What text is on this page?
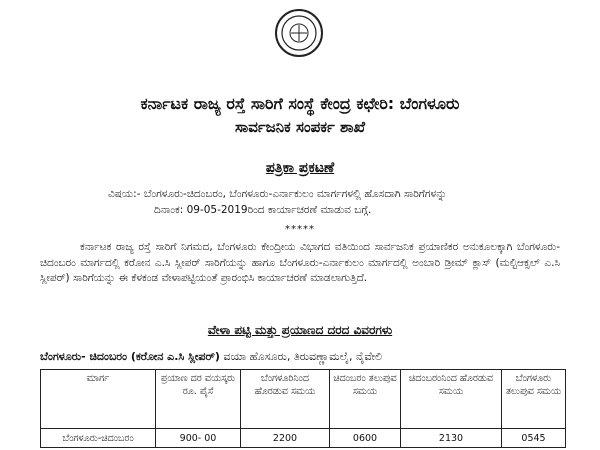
ಕರ್ನಾಟಕ ರಾಜ್ಯ ರಸ್ತೆ ಸಾರಿಗೆ ಸಂಸ್ಥೆ ಕೇಂದ್ರ ಕಛೇರಿ: ಬೆಂಗಳೂರು
ಸಾರ್ವಜನಿಕ ಸಂಪರ್ಕ ಶಾಖೆ
ಪತ್ರಿಕಾ ಪ್ರಕಟಣೆ
ವಿಷಯ:- ಬೆಂಗಳೂರು-ಚಿದಂಬರಂ, ಬೆಂಗಳೂರು-ಎರ್ನಾಕುಲಂ ಮಾರ್ಗಗಳಲ್ಲಿ ಹೊಸದಾಗಿ ಸಾರಿಗೆಗಳನ್ನು
ದಿನಾಂಕ: 09-05-2019ರಿಂದ ಕಾರ್ಯಾಚರಣೆ ಮಾಡುವ ಬಗ್ಗೆ.
*****
ಕರ್ನಾಟಕ ರಾಜ್ಯ ರಸ್ತೆ ಸಾರಿಗೆ ನಿಗಮದ, ಬೆಂಗಳೂರು ಕೇಂದ್ರೀಯ ವಿಭಾಗದ ವತಿಯಿಂದ ಸಾರ್ವಜನಿಕ ಪ್ರಯಾಣಿಕರ ಅನುಕೂಲಕ್ಕಾಗಿ ಬೆಂಗಳೂರು-ಚಿದಂಬರಂ ಮಾರ್ಗದಲ್ಲಿ ಕರೋನ ಎ.ಸಿ ಸ್ಲೀಪರ್ ಸಾರಿಗೆಯನ್ನು ಹಾಗೂ ಬೆಂಗಳೂರು-ಎರ್ನಾಕುಲಂ ಮಾರ್ಗದಲ್ಲಿ ಅಂಬಾರಿ ಡ್ರೀಮ್ ಕ್ಲಾಸ್ (ಮಲ್ಟಿಆಕ್ಸಲ್ ಎ.ಸಿ ಸ್ಲೀಪರ್) ಸಾರಿಗೆಯನ್ನು ಈ ಕೆಳಕಂಡ ವೇಳಾಪಟ್ಟಿಯಂತೆ ಪ್ರಾರಂಭಿಸಿ ಕಾರ್ಯಾಚರಣೆ ಮಾಡಲಾಗುತ್ತಿದೆ.
ವೇಳಾ ಪಟ್ಟಿ ಮತ್ತು ಪ್ರಯಾಣದ ದರದ ವಿವರಗಳು
ಬೆಂಗಳೂರು- ಚಿದಂಬರಂ (ಕರೋನ ಎ.ಸಿ ಸ್ಲೀಪರ್) ವಯಾ ಹೊಸೂರು, ತಿರುವಣ್ಣಾಮಲೈ, ನೈವೇಲಿ
ಮಾರ್ಗ	ಪ್ರಯಾಣ ದರ ವಯಸ್ಕರು ರೂ. ಪೈಸೆ	ಬೆಂಗಳೂರಿನಿಂದ ಹೊರಡುವ ಸಮಯ	ಚಿದಂಬರಂ ತಲುಪುವ ಸಮಯ	ಚಿದಂಬರಂನಿಂದ ಹೊರಡುವ ಸಮಯ	ಬೆಂಗಳೂರು ತಲುಪುವ ಸಮಯ
ಬೆಂಗಳೂರು-ಚಿದಂಬರಂ	900- 00	2200	0600	2130	0545
